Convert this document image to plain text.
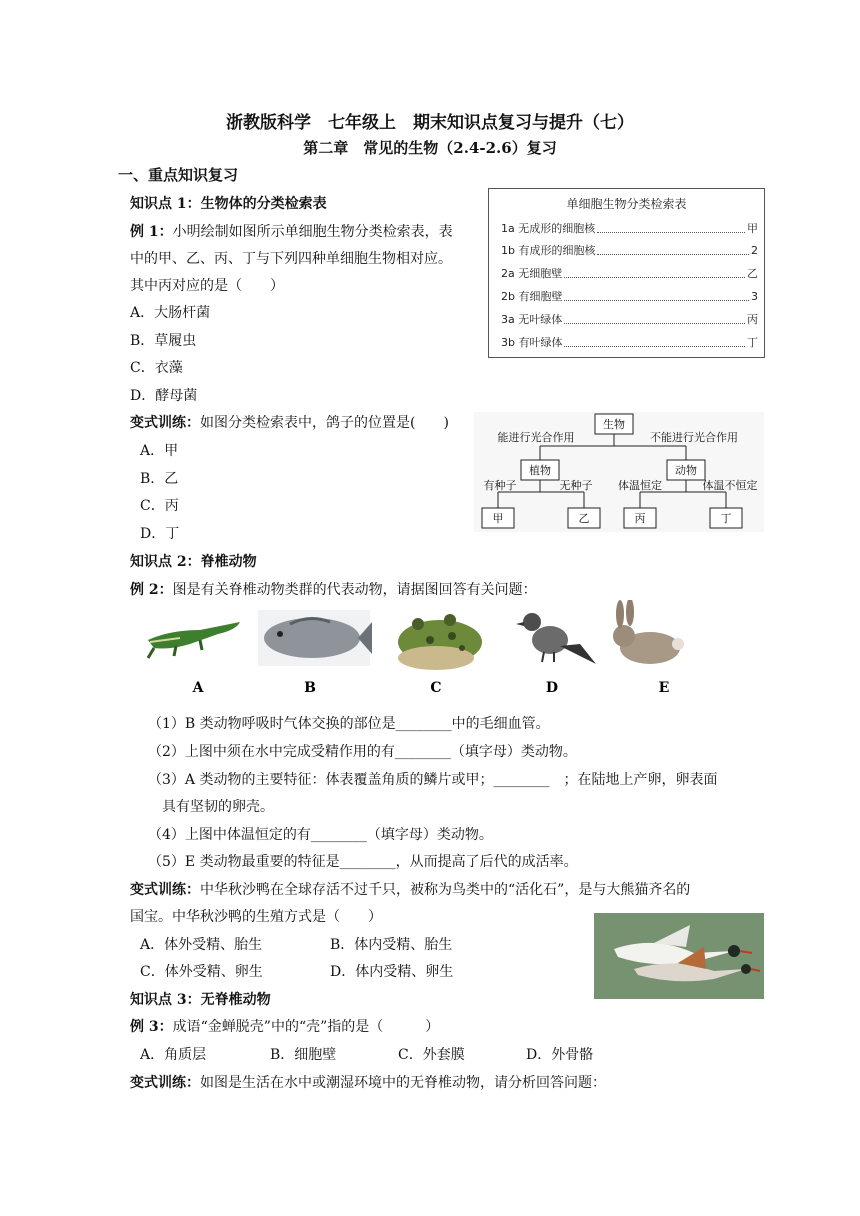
浙教版科学　七年级上　期末知识点复习与提升（七）
第二章　常见的生物（2.4-2.6）复习
一、重点知识复习
知识点 1：生物体的分类检索表
例 1：小明绘制如图所示单细胞生物分类检索表，表
中的甲、乙、丙、丁与下列四种单细胞生物相对应。
其中丙对应的是（　　）
A．大肠杆菌
B．草履虫
C．衣藻
D．酵母菌
单细胞生物分类检索表
1a 无成形的细胞核	甲
1b 有成形的细胞核	2
2a 无细胞壁	乙
2b 有细胞壁	3
3a 无叶绿体	丙
3b 有叶绿体	丁
变式训练：如图分类检索表中，鸽子的位置是(　　)
A．甲
B．乙
C．丙
D．丁
生物
能进行光合作用	不能进行光合作用
植物	动物
有种子	无种子 体温恒定	体温不恒定
甲	乙	丙	丁
知识点 2：脊椎动物
例 2：图是有关脊椎动物类群的代表动物，请据图回答有关问题：
A	B	C	D	E
（1）B 类动物呼吸时气体交换的部位是________中的毛细血管。
（2）上图中须在水中完成受精作用的有________（填字母）类动物。
（3）A 类动物的主要特征：体表覆盖角质的鳞片或甲；________　；在陆地上产卵，卵表面
具有坚韧的卵壳。
（4）上图中体温恒定的有________（填字母）类动物。
（5）E 类动物最重要的特征是________，从而提高了后代的成活率。
变式训练：中华秋沙鸭在全球存活不过千只，被称为鸟类中的“活化石”，是与大熊猫齐名的
国宝。中华秋沙鸭的生殖方式是（　　）
A．体外受精、胎生	B．体内受精、胎生
C．体外受精、卵生	D．体内受精、卵生
知识点 3：无脊椎动物
例 3：成语“金蝉脱壳”中的“壳”指的是（　　　）
A．角质层	B．细胞壁	C．外套膜	D．外骨骼
变式训练：如图是生活在水中或潮湿环境中的无脊椎动物，请分析回答问题：
